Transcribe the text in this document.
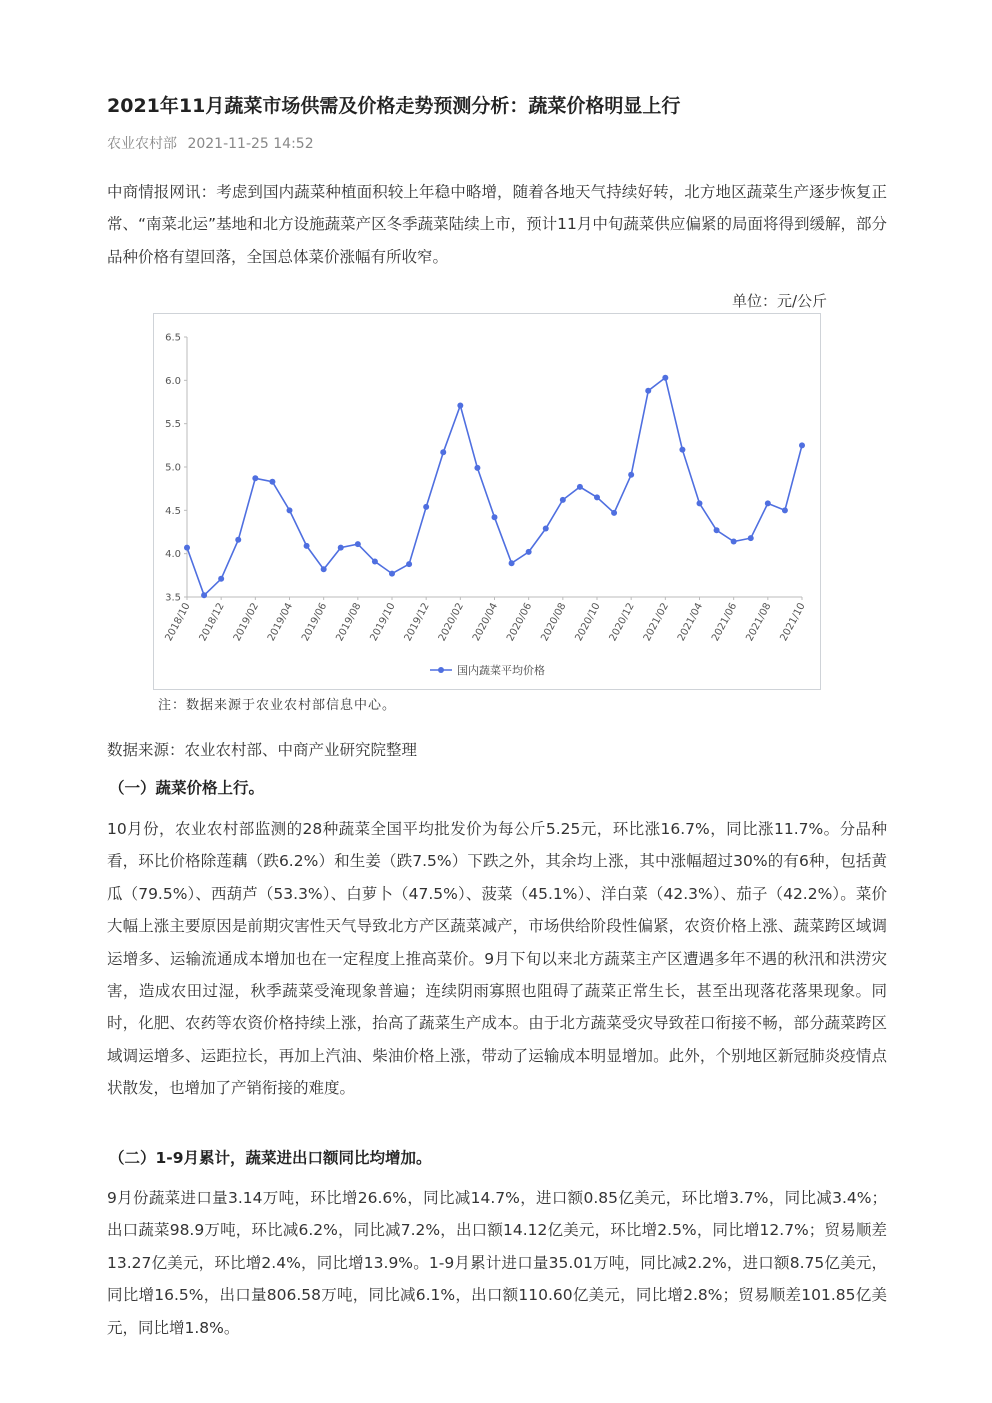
2021年11月蔬菜市场供需及价格走势预测分析：蔬菜价格明显上行
农业农村部 2021-11-25 14:52

中商情报网讯：考虑到国内蔬菜种植面积较上年稳中略增，随着各地天气持续好转，北方地区蔬菜生产逐步恢复正常、“南菜北运”基地和北方设施蔬菜产区冬季蔬菜陆续上市，预计11月中旬蔬菜供应偏紧的局面将得到缓解，部分品种价格有望回落，全国总体菜价涨幅有所收窄。

单位：元/公斤
3.5
4.0
4.5
5.0
5.5
6.0
6.5
2018/10 2018/12 2019/02 2019/04 2019/06 2019/08 2019/10 2019/12 2020/02 2020/04 2020/06 2020/08 2020/10 2020/12 2021/02 2021/04 2021/06 2021/08 2021/10
国内蔬菜平均价格
注：数据来源于农业农村部信息中心。
数据来源：农业农村部、中商产业研究院整理
（一）蔬菜价格上行。

10月份，农业农村部监测的28种蔬菜全国平均批发价为每公斤5.25元，环比涨16.7%，同比涨11.7%。分品种看，环比价格除莲藕（跌6.2%）和生姜（跌7.5%）下跌之外，其余均上涨，其中涨幅超过30%的有6种，包括黄瓜（79.5%）、西葫芦（53.3%）、白萝卜（47.5%）、菠菜（45.1%）、洋白菜（42.3%）、茄子（42.2%）。菜价大幅上涨主要原因是前期灾害性天气导致北方产区蔬菜减产，市场供给阶段性偏紧，农资价格上涨、蔬菜跨区域调运增多、运输流通成本增加也在一定程度上推高菜价。9月下旬以来北方蔬菜主产区遭遇多年不遇的秋汛和洪涝灾害，造成农田过湿，秋季蔬菜受淹现象普遍；连续阴雨寡照也阻碍了蔬菜正常生长，甚至出现落花落果现象。同时，化肥、农药等农资价格持续上涨，抬高了蔬菜生产成本。由于北方蔬菜受灾导致茬口衔接不畅，部分蔬菜跨区域调运增多、运距拉长，再加上汽油、柴油价格上涨，带动了运输成本明显增加。此外，个别地区新冠肺炎疫情点状散发，也增加了产销衔接的难度。

（二）1-9月累计，蔬菜进出口额同比均增加。

9月份蔬菜进口量3.14万吨，环比增26.6%，同比减14.7%，进口额0.85亿美元，环比增3.7%，同比减3.4%；出口蔬菜98.9万吨，环比减6.2%，同比减7.2%，出口额14.12亿美元，环比增2.5%，同比增12.7%；贸易顺差13.27亿美元，环比增2.4%，同比增13.9%。1-9月累计进口量35.01万吨，同比减2.2%，进口额8.75亿美元，同比增16.5%，出口量806.58万吨，同比减6.1%，出口额110.60亿美元，同比增2.8%；贸易顺差101.85亿美元，同比增1.8%。
